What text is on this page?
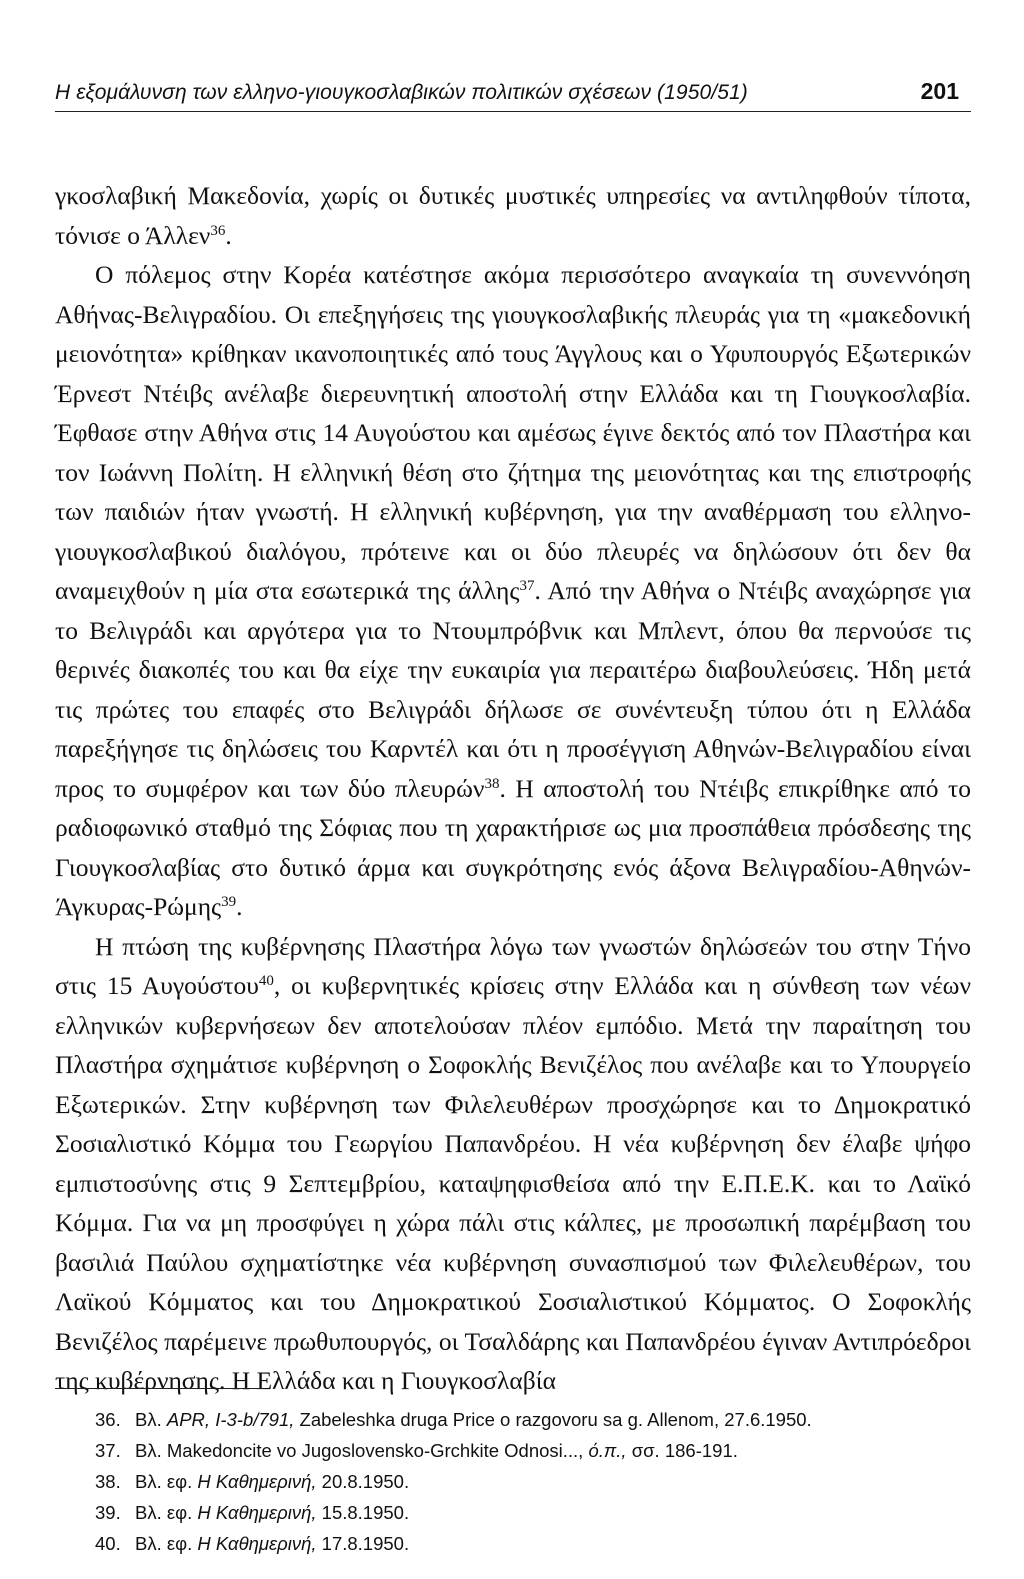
Η εξομάλυνση των ελληνο-γιουγκοσλαβικών πολιτικών σχέσεων (1950/51)	201

γκοσλαβική Μακεδονία, χωρίς οι δυτικές μυστικές υπηρεσίες να αντιληφθούν τίποτα, τόνισε ο Άλλεν$^{36}$.

Ο πόλεμος στην Κορέα κατέστησε ακόμα περισσότερο αναγκαία τη συνεννόηση Αθήνας-Βελιγραδίου. Οι επεξηγήσεις της γιουγκοσλαβικής πλευράς για τη «μακεδονική μειονότητα» κρίθηκαν ικανοποιητικές από τους Άγγλους και ο Υφυπουργός Εξωτερικών Έρνεστ Ντέιβς ανέλαβε διερευνητική αποστολή στην Ελλάδα και τη Γιουγκοσλαβία. Έφθασε στην Αθήνα στις 14 Αυγούστου και αμέσως έγινε δεκτός από τον Πλαστήρα και τον Ιωάννη Πολίτη. Η ελληνική θέση στο ζήτημα της μειονότητας και της επιστροφής των παιδιών ήταν γνωστή. Η ελληνική κυβέρνηση, για την αναθέρμαση του ελληνο-γιουγκοσλαβικού διαλόγου, πρότεινε και οι δύο πλευρές να δηλώσουν ότι δεν θα αναμειχθούν η μία στα εσωτερικά της άλλης$^{37}$. Από την Αθήνα ο Ντέιβς αναχώρησε για το Βελιγράδι και αργότερα για το Ντουμπρόβνικ και Μπλεντ, όπου θα περνούσε τις θερινές διακοπές του και θα είχε την ευκαιρία για περαιτέρω διαβουλεύσεις. Ήδη μετά τις πρώτες του επαφές στο Βελιγράδι δήλωσε σε συνέντευξη τύπου ότι η Ελλάδα παρεξήγησε τις δηλώσεις του Καρντέλ και ότι η προσέγγιση Αθηνών-Βελιγραδίου είναι προς το συμφέρον και των δύο πλευρών$^{38}$. Η αποστολή του Ντέιβς επικρίθηκε από το ραδιοφωνικό σταθμό της Σόφιας που τη χαρακτήρισε ως μια προσπάθεια πρόσδεσης της Γιουγκοσλαβίας στο δυτικό άρμα και συγκρότησης ενός άξονα Βελιγραδίου-Αθηνών-Άγκυρας-Ρώμης$^{39}$.

Η πτώση της κυβέρνησης Πλαστήρα λόγω των γνωστών δηλώσεών του στην Τήνο στις 15 Αυγούστου$^{40}$, οι κυβερνητικές κρίσεις στην Ελλάδα και η σύνθεση των νέων ελληνικών κυβερνήσεων δεν αποτελούσαν πλέον εμπόδιο. Μετά την παραίτηση του Πλαστήρα σχημάτισε κυβέρνηση ο Σοφοκλής Βενιζέλος που ανέλαβε και το Υπουργείο Εξωτερικών. Στην κυβέρνηση των Φιλελευθέρων προσχώρησε και το Δημοκρατικό Σοσιαλιστικό Κόμμα του Γεωργίου Παπανδρέου. Η νέα κυβέρνηση δεν έλαβε ψήφο εμπιστοσύνης στις 9 Σεπτεμβρίου, καταψηφισθείσα από την Ε.Π.Ε.Κ. και το Λαϊκό Κόμμα. Για να μη προσφύγει η χώρα πάλι στις κάλπες, με προσωπική παρέμβαση του βασιλιά Παύλου σχηματίστηκε νέα κυβέρνηση συνασπισμού των Φιλελευθέρων, του Λαϊκού Κόμματος και του Δημοκρατικού Σοσιαλιστικού Κόμματος. Ο Σοφοκλής Βενιζέλος παρέμεινε πρωθυπουργός, οι Τσαλδάρης και Παπανδρέου έγιναν Αντιπρόεδροι της κυβέρνησης. Η Ελλάδα και η Γιουγκοσλαβία

36. Βλ. APR, I-3-b/791, Zabeleshka druga Price o razgovoru sa g. Allenom, 27.6.1950.
37. Βλ. Makedoncite vo Jugoslovensko-Grchkite Odnosi..., ό.π., σσ. 186-191.
38. Βλ. εφ. Η Καθημερινή, 20.8.1950.
39. Βλ. εφ. Η Καθημερινή, 15.8.1950.
40. Βλ. εφ. Η Καθημερινή, 17.8.1950.
